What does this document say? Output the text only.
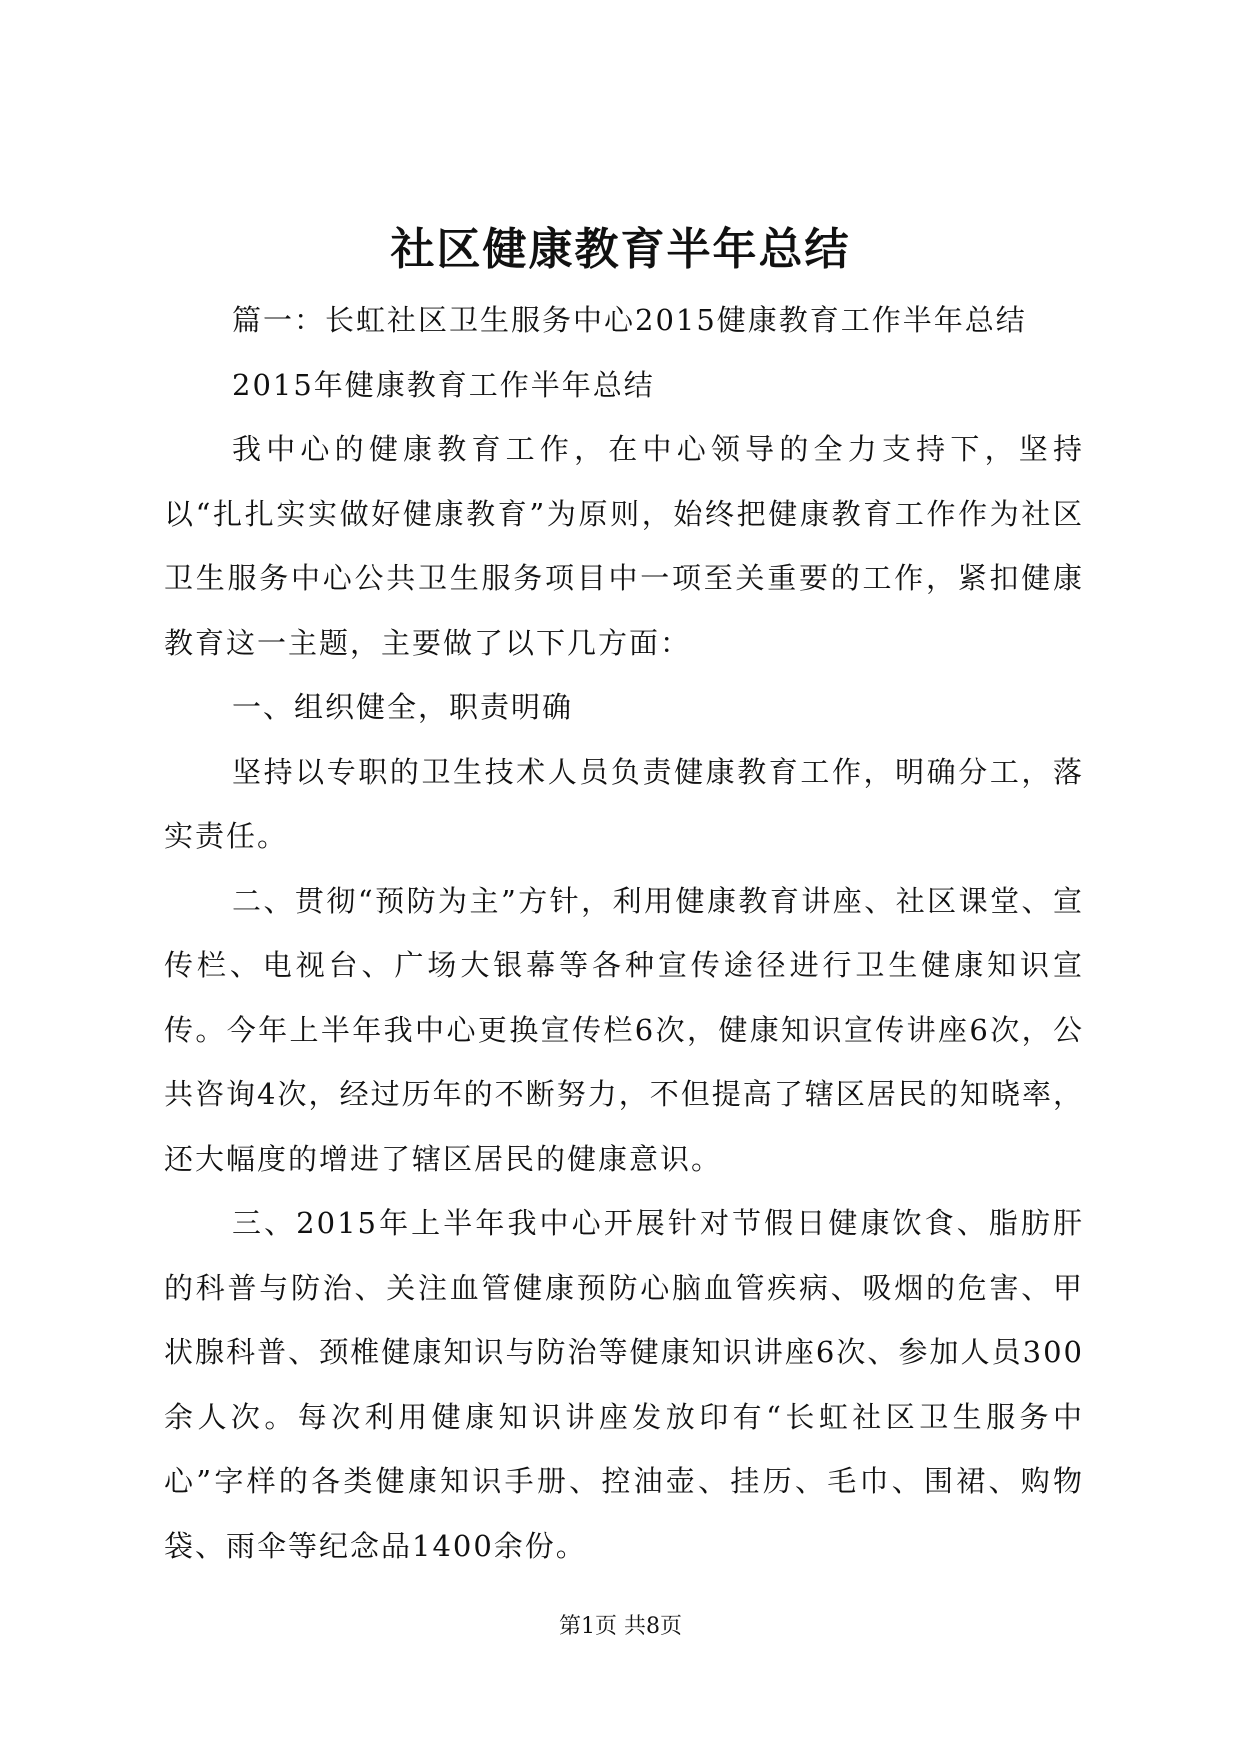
社区健康教育半年总结

篇一：长虹社区卫生服务中心2015健康教育工作半年总结

2015年健康教育工作半年总结

我中心的健康教育工作，在中心领导的全力支持下，坚持以“扎扎实实做好健康教育”为原则，始终把健康教育工作作为社区卫生服务中心公共卫生服务项目中一项至关重要的工作，紧扣健康教育这一主题，主要做了以下几方面：

一、组织健全，职责明确

坚持以专职的卫生技术人员负责健康教育工作，明确分工，落实责任。

二、贯彻“预防为主”方针，利用健康教育讲座、社区课堂、宣传栏、电视台、广场大银幕等各种宣传途径进行卫生健康知识宣传。今年上半年我中心更换宣传栏6次，健康知识宣传讲座6次，公共咨询4次，经过历年的不断努力，不但提高了辖区居民的知晓率，还大幅度的增进了辖区居民的健康意识。

三、2015年上半年我中心开展针对节假日健康饮食、脂肪肝的科普与防治、关注血管健康预防心脑血管疾病、吸烟的危害、甲状腺科普、颈椎健康知识与防治等健康知识讲座6次、参加人员300余人次。每次利用健康知识讲座发放印有“长虹社区卫生服务中心”字样的各类健康知识手册、控油壶、挂历、毛巾、围裙、购物袋、雨伞等纪念品1400余份。

第1页 共8页
